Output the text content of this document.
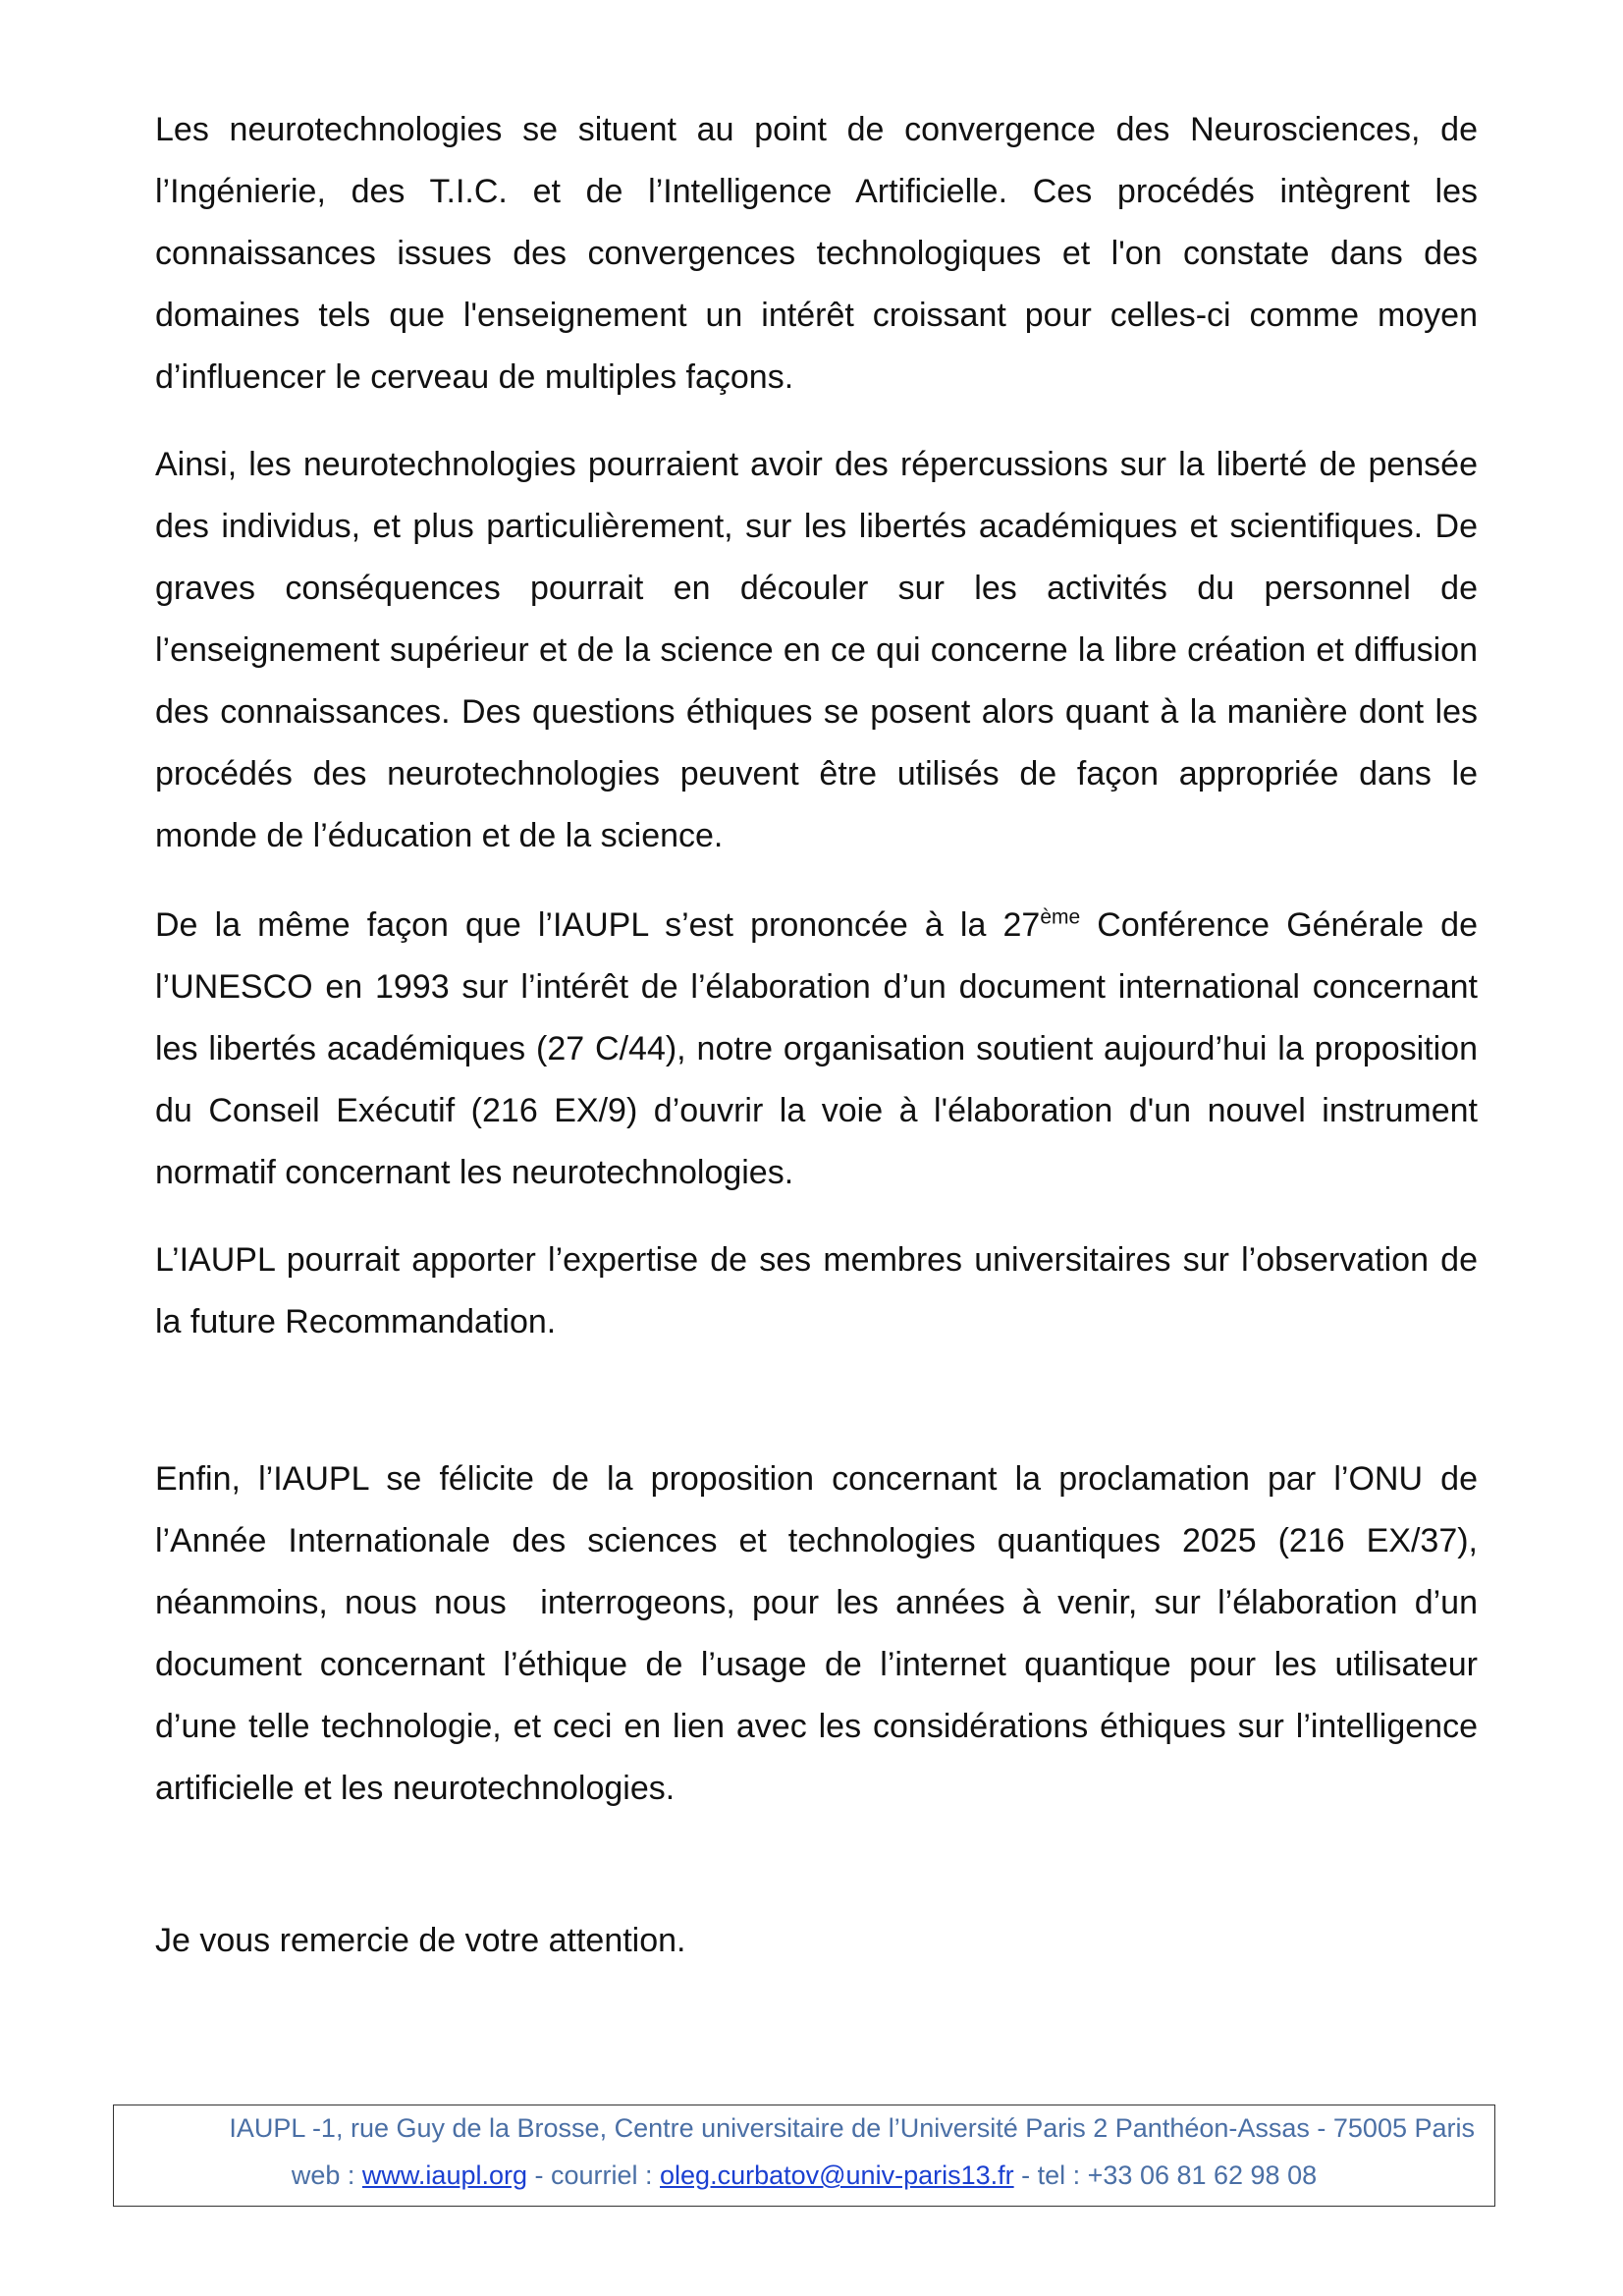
Les neurotechnologies se situent au point de convergence des Neurosciences, de l’Ingénierie, des T.I.C. et de l’Intelligence Artificielle. Ces procédés intègrent les connaissances issues des convergences technologiques et l'on constate dans des domaines tels que l'enseignement un intérêt croissant pour celles-ci comme moyen d’influencer le cerveau de multiples façons.

Ainsi, les neurotechnologies pourraient avoir des répercussions sur la liberté de pensée des individus, et plus particulièrement, sur les libertés académiques et scientifiques. De graves conséquences pourrait en découler sur les activités du personnel de l’enseignement supérieur et de la science en ce qui concerne la libre création et diffusion des connaissances. Des questions éthiques se posent alors quant à la manière dont les procédés des neurotechnologies peuvent être utilisés de façon appropriée dans le monde de l’éducation et de la science.

De la même façon que l’IAUPL s’est prononcée à la 27ème Conférence Générale de l’UNESCO en 1993 sur l’intérêt de l’élaboration d’un document international concernant les libertés académiques (27 C/44), notre organisation soutient aujourd’hui la proposition du Conseil Exécutif (216 EX/9) d’ouvrir la voie à l'élaboration d'un nouvel instrument normatif concernant les neurotechnologies.

L’IAUPL pourrait apporter l’expertise de ses membres universitaires sur l’observation de la future Recommandation.

Enfin, l’IAUPL se félicite de la proposition concernant la proclamation par l’ONU de l’Année Internationale des sciences et technologies quantiques 2025 (216 EX/37), néanmoins, nous nous  interrogeons, pour les années à venir, sur l’élaboration d’un document concernant l’éthique de l’usage de l’internet quantique pour les utilisateur d’une telle technologie, et ceci en lien avec les considérations éthiques sur l’intelligence artificielle et les neurotechnologies.

Je vous remercie de votre attention.

IAUPL -1, rue Guy de la Brosse, Centre universitaire de l’Université Paris 2 Panthéon-Assas - 75005 Paris
web : www.iaupl.org - courriel : oleg.curbatov@univ-paris13.fr - tel : +33 06 81 62 98 08
